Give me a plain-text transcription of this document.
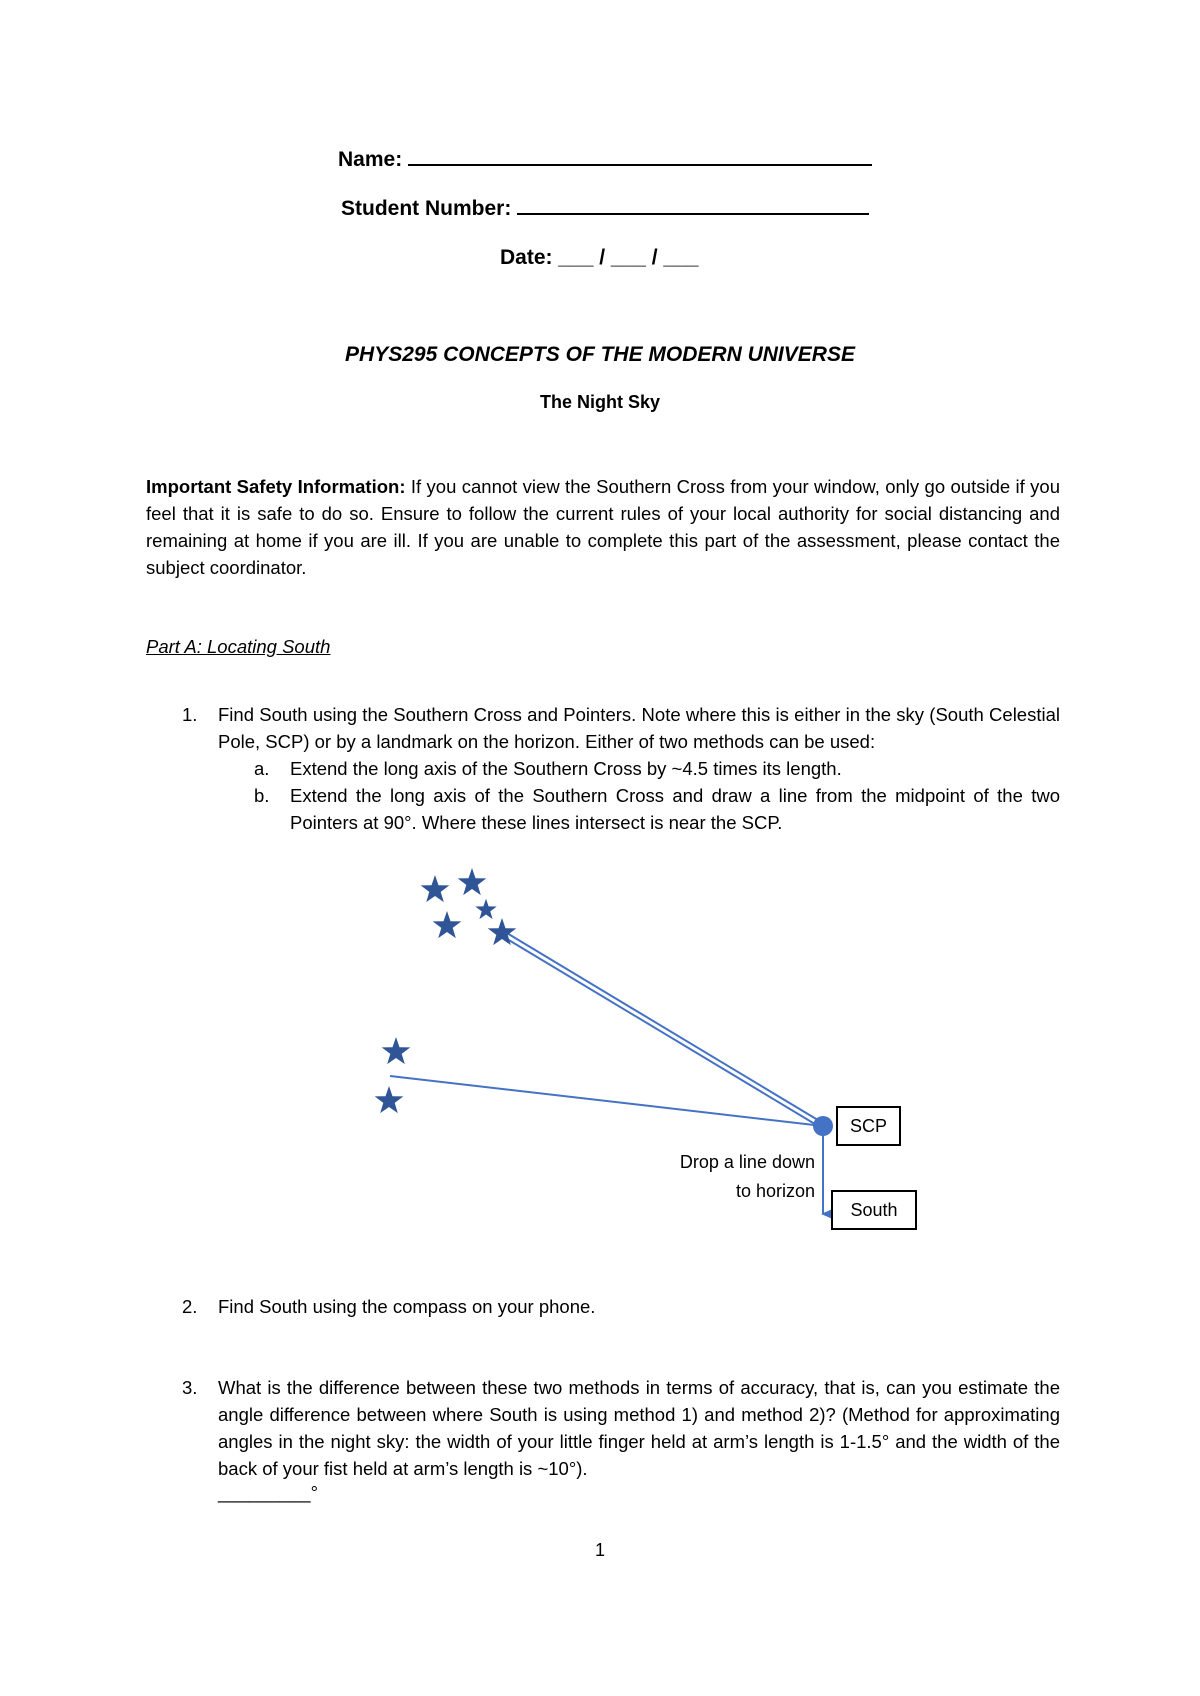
Name:
Student Number:
Date: ___ / ___ / ___
PHYS295 CONCEPTS OF THE MODERN UNIVERSE
The Night Sky
Important Safety Information: If you cannot view the Southern Cross from your window, only go outside if you feel that it is safe to do so. Ensure to follow the current rules of your local authority for social distancing and remaining at home if you are ill. If you are unable to complete this part of the assessment, please contact the subject coordinator.
Part A: Locating South
1. Find South using the Southern Cross and Pointers. Note where this is either in the sky (South Celestial Pole, SCP) or by a landmark on the horizon. Either of two methods can be used:
a. Extend the long axis of the Southern Cross by ~4.5 times its length.
b. Extend the long axis of the Southern Cross and draw a line from the midpoint of the two Pointers at 90°. Where these lines intersect is near the SCP.
SCP
South
Drop a line down
to horizon
2. Find South using the compass on your phone.
3. What is the difference between these two methods in terms of accuracy, that is, can you estimate the angle difference between where South is using method 1) and method 2)? (Method for approximating angles in the night sky: the width of your little finger held at arm’s length is 1-1.5° and the width of the back of your fist held at arm’s length is ~10°).
_________°
1
